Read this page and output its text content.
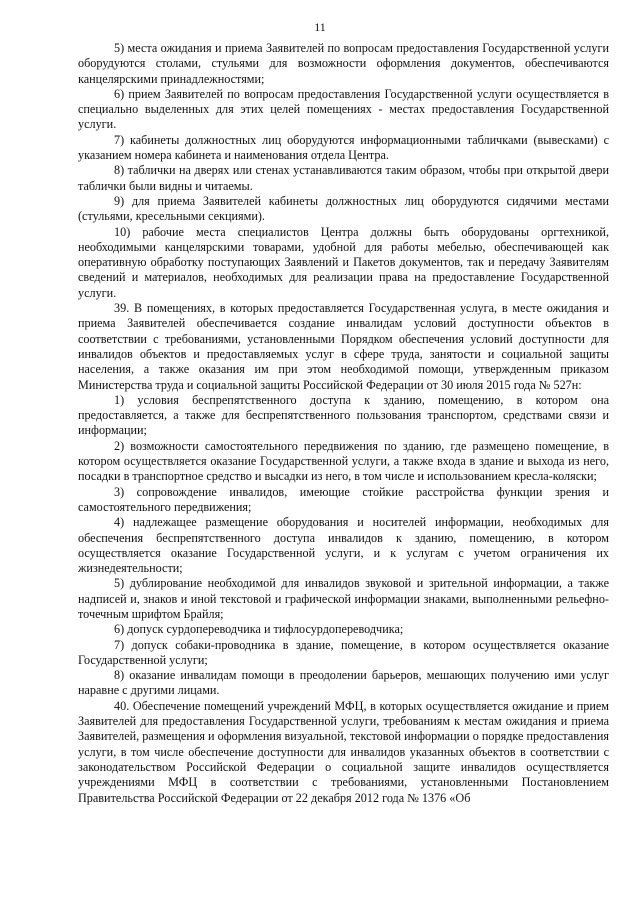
11

5) места ожидания и приема Заявителей по вопросам предоставления Государственной услуги оборудуются столами, стульями для возможности оформления документов, обеспечиваются канцелярскими принадлежностями;

6) прием Заявителей по вопросам предоставления Государственной услуги осуществляется в специально выделенных для этих целей помещениях - местах предоставления Государственной услуги.

7) кабинеты должностных лиц оборудуются информационными табличками (вывесками) с указанием номера кабинета и наименования отдела Центра.

8) таблички на дверях или стенах устанавливаются таким образом, чтобы при открытой двери таблички были видны и читаемы.

9) для приема Заявителей кабинеты должностных лиц оборудуются сидячими местами (стульями, кресельными секциями).

10) рабочие места специалистов Центра должны быть оборудованы оргтехникой, необходимыми канцелярскими товарами, удобной для работы мебелью, обеспечивающей как оперативную обработку поступающих Заявлений и Пакетов документов, так и передачу Заявителям сведений и материалов, необходимых для реализации права на предоставление Государственной услуги.

39. В помещениях, в которых предоставляется Государственная услуга, в месте ожидания и приема Заявителей обеспечивается создание инвалидам условий доступности объектов в соответствии с требованиями, установленными Порядком обеспечения условий доступности для инвалидов объектов и предоставляемых услуг в сфере труда, занятости и социальной защиты населения, а также оказания им при этом необходимой помощи, утвержденным приказом Министерства труда и социальной защиты Российской Федерации от 30 июля 2015 года № 527н:

1) условия беспрепятственного доступа к зданию, помещению, в котором она предоставляется, а также для беспрепятственного пользования транспортом, средствами связи и информации;

2) возможности самостоятельного передвижения по зданию, где размещено помещение, в котором осуществляется оказание Государственной услуги, а также входа в здание и выхода из него, посадки в транспортное средство и высадки из него, в том числе и использованием кресла-коляски;

3) сопровождение инвалидов, имеющие стойкие расстройства функции зрения и самостоятельного передвижения;

4) надлежащее размещение оборудования и носителей информации, необходимых для обеспечения беспрепятственного доступа инвалидов к зданию, помещению, в котором осуществляется оказание Государственной услуги, и к услугам с учетом ограничения их жизнедеятельности;

5) дублирование необходимой для инвалидов звуковой и зрительной информации, а также надписей и, знаков и иной текстовой и графической информации знаками, выполненными рельефно-точечным шрифтом Брайля;

6) допуск сурдопереводчика и тифлосурдопереводчика;

7) допуск собаки-проводника в здание, помещение, в котором осуществляется оказание Государственной услуги;

8) оказание инвалидам помощи в преодолении барьеров, мешающих получению ими услуг наравне с другими лицами.

40. Обеспечение помещений учреждений МФЦ, в которых осуществляется ожидание и прием Заявителей для предоставления Государственной услуги, требованиям к местам ожидания и приема Заявителей, размещения и оформления визуальной, текстовой информации о порядке предоставления услуги, в том числе обеспечение доступности для инвалидов указанных объектов в соответствии с законодательством Российской Федерации о социальной защите инвалидов осуществляется учреждениями МФЦ в соответствии с требованиями, установленными Постановлением Правительства Российской Федерации от 22 декабря 2012 года № 1376 «Об
